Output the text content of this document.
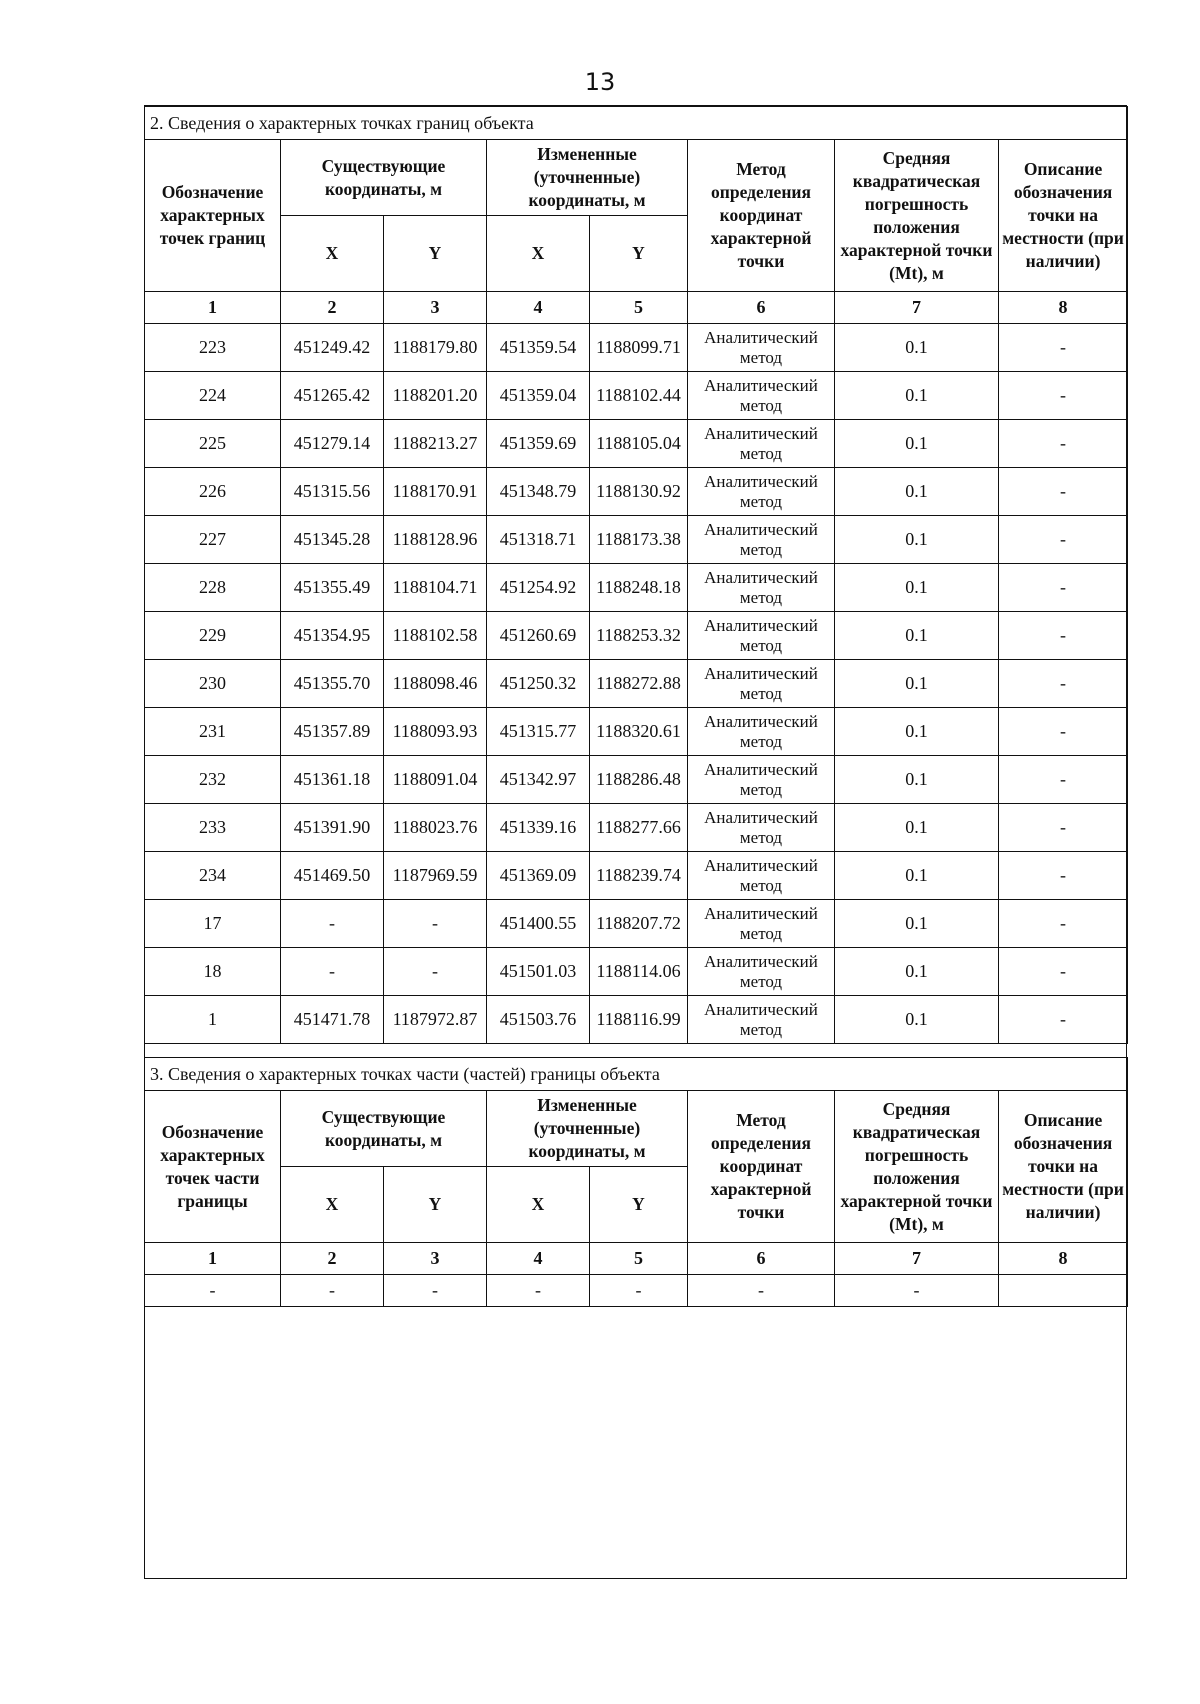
13
2. Сведения о характерных точках границ объекта							
Обозначение характерных точек границ	Существующие координаты, м		Измененные (уточненные) координаты, м		Метод определения координат характерной точки	Средняя квадратическая погрешность положения характерной точки (Mt), м	Описание обозначения точки на местности (при наличии)
	X	Y	X	Y			
1	2	3	4	5	6	7	8
223	451249.42	1188179.80	451359.54	1188099.71	Аналитический метод	0.1	-
224	451265.42	1188201.20	451359.04	1188102.44	Аналитический метод	0.1	-
225	451279.14	1188213.27	451359.69	1188105.04	Аналитический метод	0.1	-
226	451315.56	1188170.91	451348.79	1188130.92	Аналитический метод	0.1	-
227	451345.28	1188128.96	451318.71	1188173.38	Аналитический метод	0.1	-
228	451355.49	1188104.71	451254.92	1188248.18	Аналитический метод	0.1	-
229	451354.95	1188102.58	451260.69	1188253.32	Аналитический метод	0.1	-
230	451355.70	1188098.46	451250.32	1188272.88	Аналитический метод	0.1	-
231	451357.89	1188093.93	451315.77	1188320.61	Аналитический метод	0.1	-
232	451361.18	1188091.04	451342.97	1188286.48	Аналитический метод	0.1	-
233	451391.90	1188023.76	451339.16	1188277.66	Аналитический метод	0.1	-
234	451469.50	1187969.59	451369.09	1188239.74	Аналитический метод	0.1	-
17	-	-	451400.55	1188207.72	Аналитический метод	0.1	-
18	-	-	451501.03	1188114.06	Аналитический метод	0.1	-
1	451471.78	1187972.87	451503.76	1188116.99	Аналитический метод	0.1	-
3. Сведения о характерных точках части (частей) границы объекта							
Обозначение характерных точек части границы	Существующие координаты, м		Измененные (уточненные) координаты, м		Метод определения координат характерной точки	Средняя квадратическая погрешность положения характерной точки (Mt), м	Описание обозначения точки на местности (при наличии)
	X	Y	X	Y			
1	2	3	4	5	6	7	8
-	-	-	-	-	-	-	
